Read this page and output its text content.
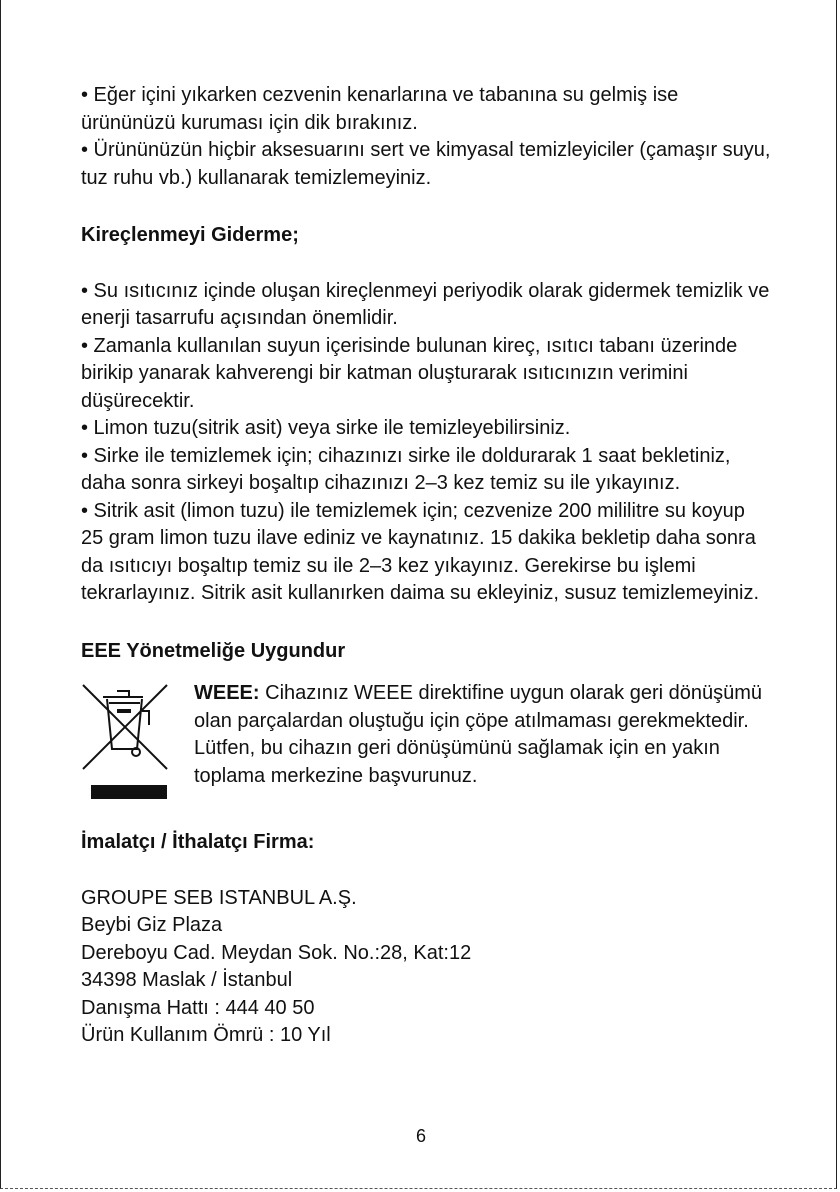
• Eğer içini yıkarken cezvenin kenarlarına ve tabanına su gelmiş ise ürününüzü kuruması için dik bırakınız.

• Ürününüzün hiçbir aksesuarını sert ve kimyasal temizleyiciler (çamaşır suyu, tuz ruhu vb.) kullanarak temizlemeyiniz.

Kireçlenmeyi Giderme;

• Su ısıtıcınız içinde oluşan kireçlenmeyi periyodik olarak gidermek temizlik ve enerji tasarrufu açısından önemlidir.

• Zamanla kullanılan suyun içerisinde bulunan kireç, ısıtıcı tabanı üzerinde birikip yanarak kahverengi bir katman oluşturarak ısıtıcınızın verimini düşürecektir.

• Limon tuzu(sitrik asit) veya sirke ile temizleyebilirsiniz.

• Sirke ile temizlemek için; cihazınızı sirke ile doldurarak 1 saat bekletiniz, daha sonra sirkeyi boşaltıp cihazınızı 2–3 kez temiz su ile yıkayınız.

• Sitrik asit (limon tuzu) ile temizlemek için; cezvenize 200 mililitre su koyup 25 gram limon tuzu ilave ediniz ve kaynatınız. 15 dakika bekletip daha sonra da ısıtıcıyı boşaltıp temiz su ile 2–3 kez yıkayınız. Gerekirse bu işlemi tekrarlayınız. Sitrik asit kullanırken daima su ekleyiniz, susuz temizlemeyiniz.

EEE Yönetmeliğe Uygundur

WEEE: Cihazınız WEEE direktifine uygun olarak geri dönüşümü olan parçalardan oluştuğu için çöpe atılmaması gerekmektedir. Lütfen, bu cihazın geri dönüşümünü sağlamak için en yakın toplama merkezine başvurunuz.

İmalatçı / İthalatçı Firma:

GROUPE SEB ISTANBUL A.Ş.

Beybi Giz Plaza

Dereboyu Cad. Meydan Sok. No.:28, Kat:12

34398 Maslak / İstanbul

Danışma Hattı : 444 40 50

Ürün Kullanım Ömrü : 10 Yıl

6
